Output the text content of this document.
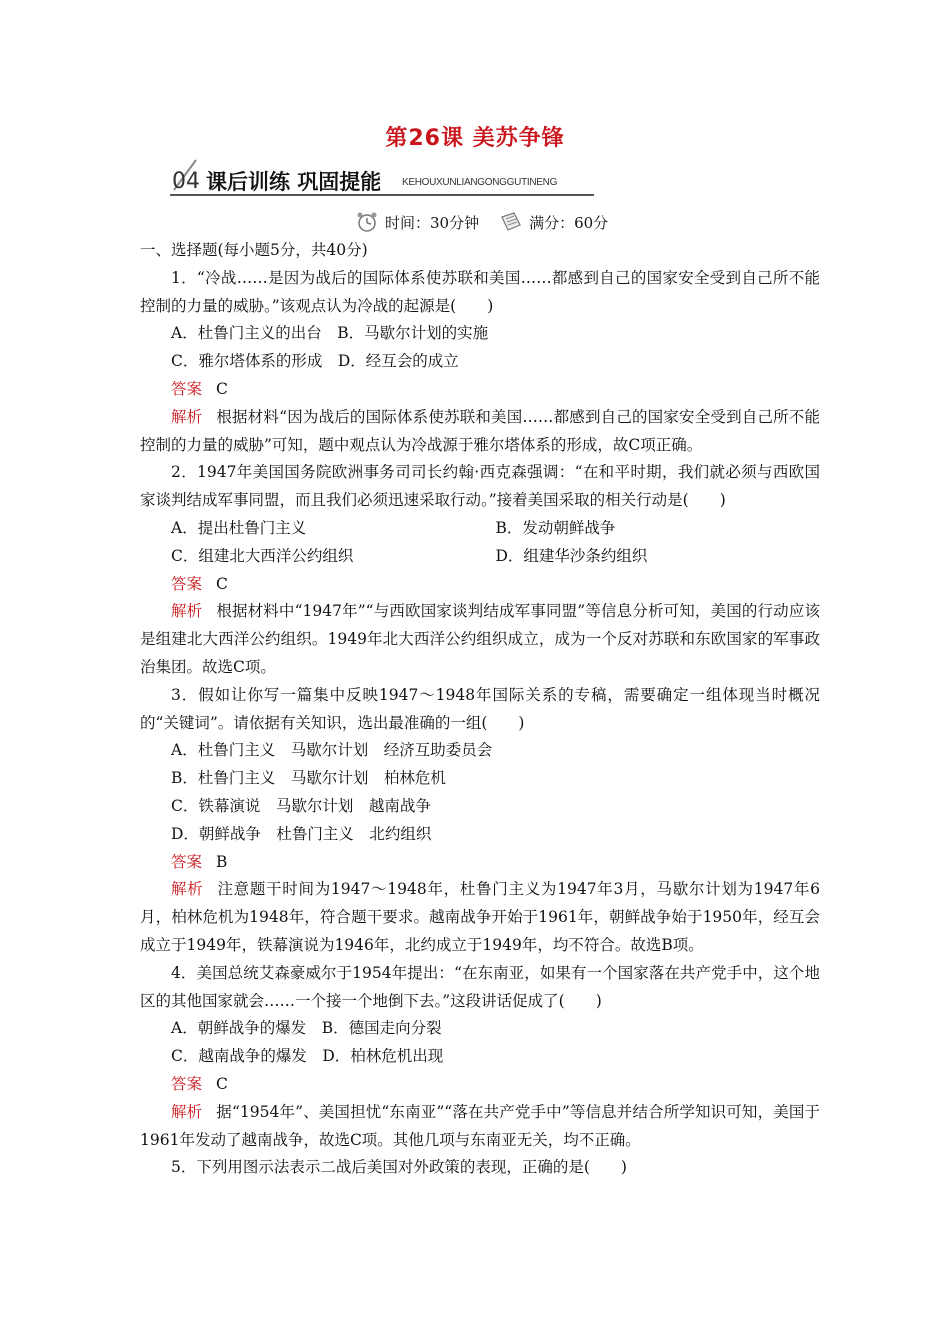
第26课 美苏争锋
04 课后训练 巩固提能 KEHOUXUNLIANGONGGUTINENG
时间：30分钟	满分：60分

一、选择题(每小题5分，共40分)

1．“冷战……是因为战后的国际体系使苏联和美国……都感到自己的国家安全受到自己所不能控制的力量的威胁。”该观点认为冷战的起源是(　　)

A．杜鲁门主义的出台　B．马歇尔计划的实施

C．雅尔塔体系的形成　D．经互会的成立

答案 C

解析 根据材料“因为战后的国际体系使苏联和美国……都感到自己的国家安全受到自己所不能控制的力量的威胁”可知，题中观点认为冷战源于雅尔塔体系的形成，故C项正确。

2．1947年美国国务院欧洲事务司司长约翰·西克森强调：“在和平时期，我们就必须与西欧国家谈判结成军事同盟，而且我们必须迅速采取行动。”接着美国采取的相关行动是(　　)

A．提出杜鲁门主义	B．发动朝鲜战争
C．组建北大西洋公约组织	D．组建华沙条约组织

答案 C

解析 根据材料中“1947年”“与西欧国家谈判结成军事同盟”等信息分析可知，美国的行动应该是组建北大西洋公约组织。1949年北大西洋公约组织成立，成为一个反对苏联和东欧国家的军事政治集团。故选C项。

3．假如让你写一篇集中反映1947～1948年国际关系的专稿，需要确定一组体现当时概况的“关键词”。请依据有关知识，选出最准确的一组(　　)

A．杜鲁门主义　马歇尔计划　经济互助委员会

B．杜鲁门主义　马歇尔计划　柏林危机

C．铁幕演说　马歇尔计划　越南战争

D．朝鲜战争　杜鲁门主义　北约组织

答案 B

解析 注意题干时间为1947～1948年，杜鲁门主义为1947年3月，马歇尔计划为1947年6月，柏林危机为1948年，符合题干要求。越南战争开始于1961年，朝鲜战争始于1950年，经互会成立于1949年，铁幕演说为1946年，北约成立于1949年，均不符合。故选B项。

4．美国总统艾森豪威尔于1954年提出：“在东南亚，如果有一个国家落在共产党手中，这个地区的其他国家就会……一个接一个地倒下去。”这段讲话促成了(　　)

A．朝鲜战争的爆发　B．德国走向分裂

C．越南战争的爆发　D．柏林危机出现

答案 C

解析 据“1954年”、美国担忧“东南亚”“落在共产党手中”等信息并结合所学知识可知，美国于1961年发动了越南战争，故选C项。其他几项与东南亚无关，均不正确。

5．下列用图示法表示二战后美国对外政策的表现，正确的是(　　)
